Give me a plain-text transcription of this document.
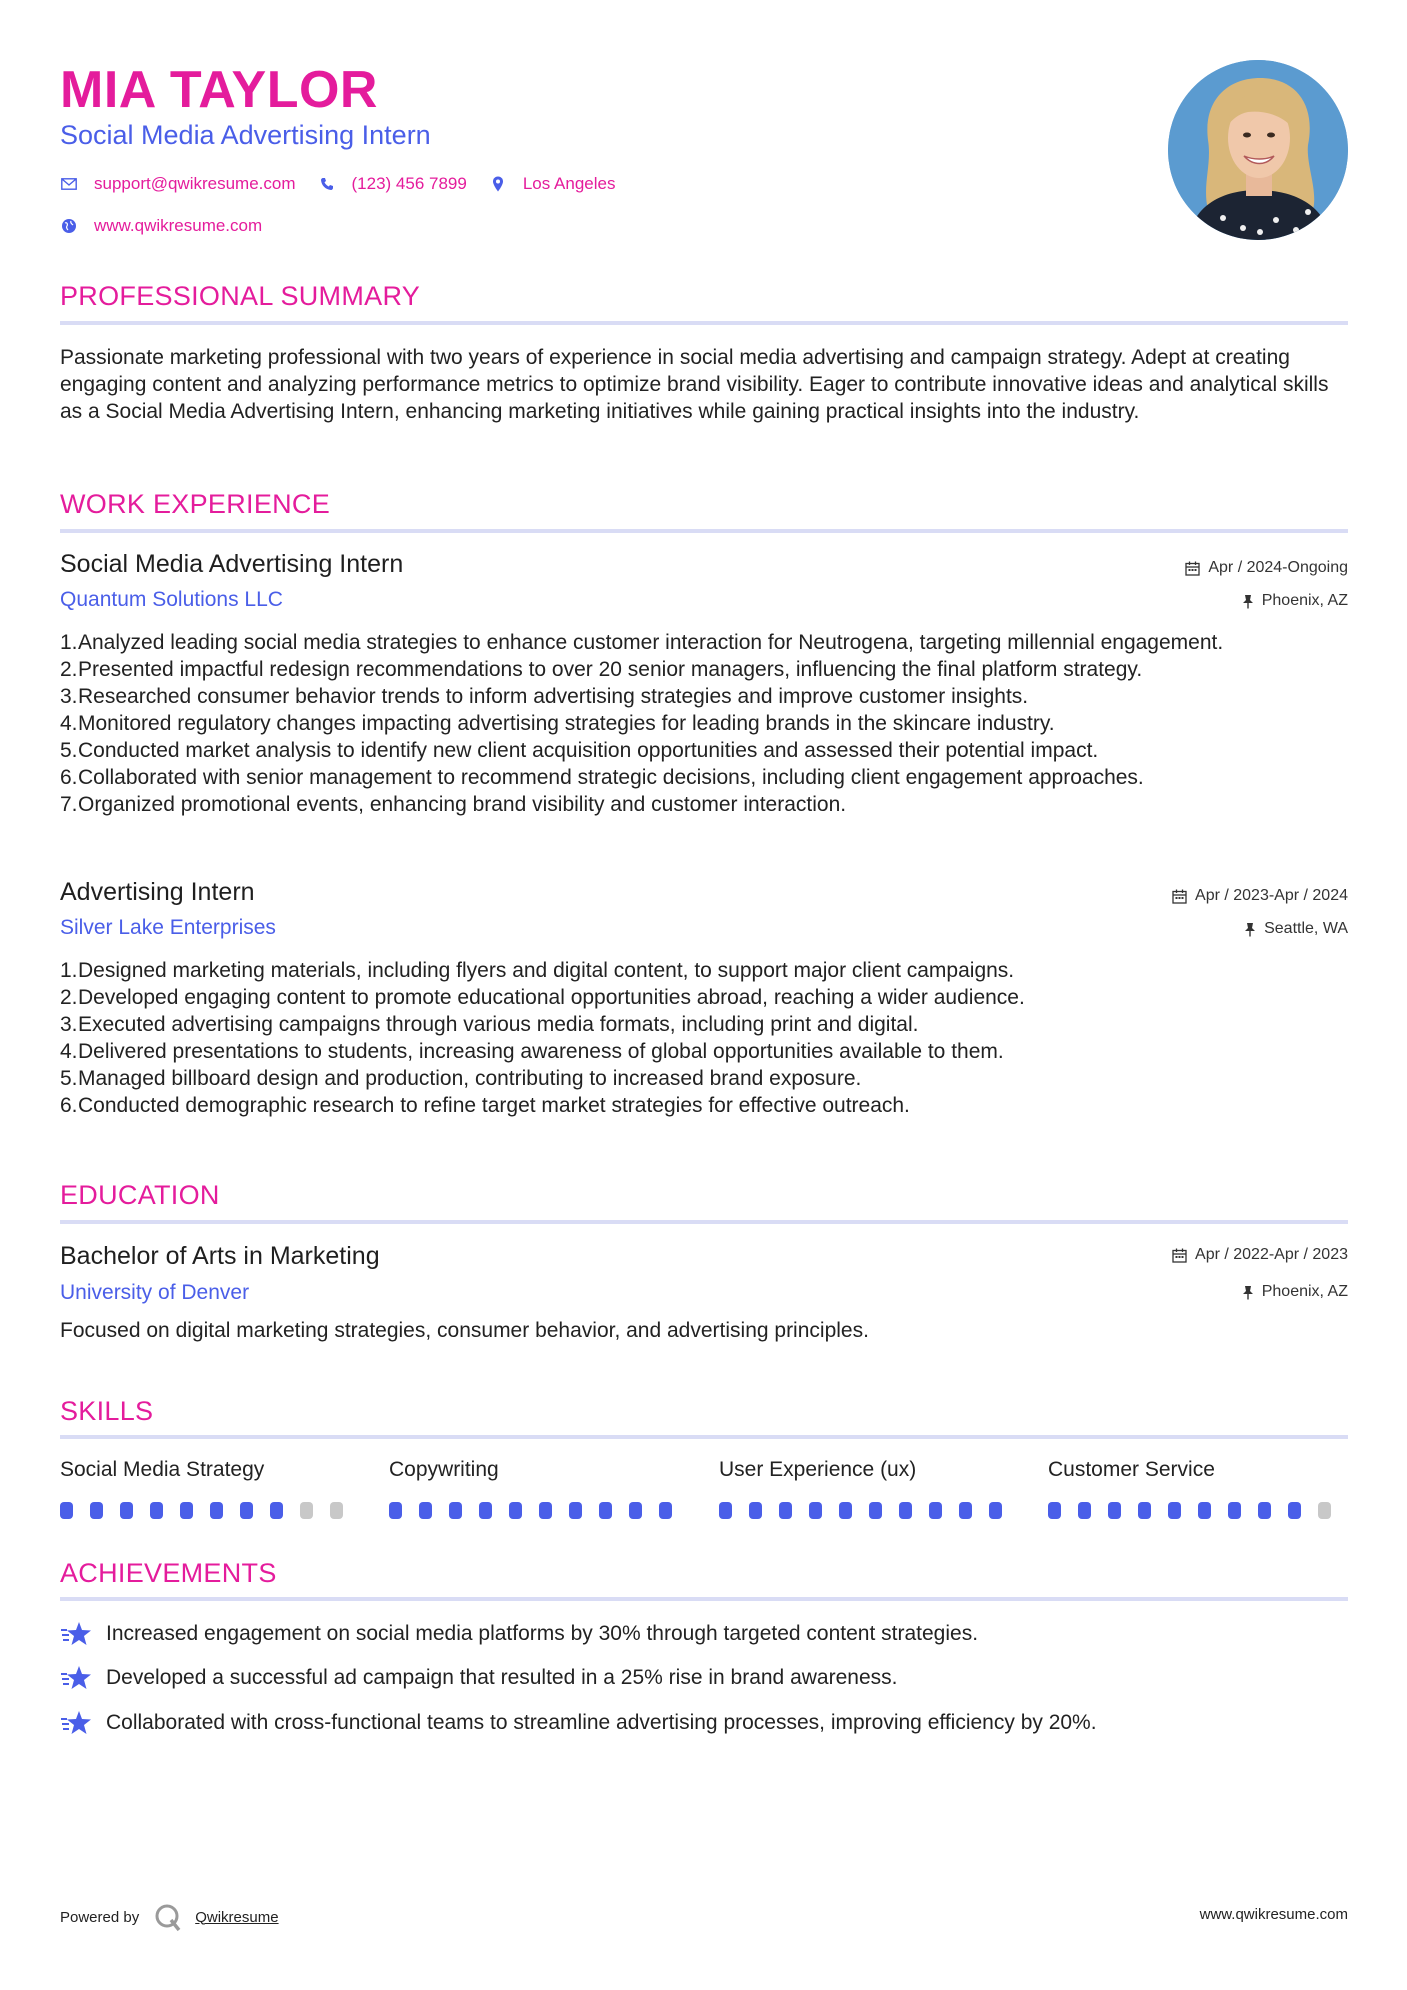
MIA TAYLOR
Social Media Advertising Intern
support@qwikresume.com	(123) 456 7899	Los Angeles
www.qwikresume.com
PROFESSIONAL SUMMARY
Passionate marketing professional with two years of experience in social media advertising and campaign strategy. Adept at creating engaging content and analyzing performance metrics to optimize brand visibility. Eager to contribute innovative ideas and analytical skills as a Social Media Advertising Intern, enhancing marketing initiatives while gaining practical insights into the industry.
WORK EXPERIENCE
Social Media Advertising Intern
Quantum Solutions LLC
Apr / 2024-Ongoing
Phoenix, AZ
1. Analyzed leading social media strategies to enhance customer interaction for Neutrogena, targeting millennial engagement.
2. Presented impactful redesign recommendations to over 20 senior managers, influencing the final platform strategy.
3. Researched consumer behavior trends to inform advertising strategies and improve customer insights.
4. Monitored regulatory changes impacting advertising strategies for leading brands in the skincare industry.
5. Conducted market analysis to identify new client acquisition opportunities and assessed their potential impact.
6. Collaborated with senior management to recommend strategic decisions, including client engagement approaches.
7. Organized promotional events, enhancing brand visibility and customer interaction.
Advertising Intern
Silver Lake Enterprises
Apr / 2023-Apr / 2024
Seattle, WA
1. Designed marketing materials, including flyers and digital content, to support major client campaigns.
2. Developed engaging content to promote educational opportunities abroad, reaching a wider audience.
3. Executed advertising campaigns through various media formats, including print and digital.
4. Delivered presentations to students, increasing awareness of global opportunities available to them.
5. Managed billboard design and production, contributing to increased brand exposure.
6. Conducted demographic research to refine target market strategies for effective outreach.
EDUCATION
Bachelor of Arts in Marketing
University of Denver
Apr / 2022-Apr / 2023
Phoenix, AZ
Focused on digital marketing strategies, consumer behavior, and advertising principles.
SKILLS
Social Media Strategy	Copywriting	User Experience (ux)	Customer Service
ACHIEVEMENTS
Increased engagement on social media platforms by 30% through targeted content strategies.
Developed a successful ad campaign that resulted in a 25% rise in brand awareness.
Collaborated with cross-functional teams to streamline advertising processes, improving efficiency by 20%.
Powered by	Qwikresume	www.qwikresume.com
